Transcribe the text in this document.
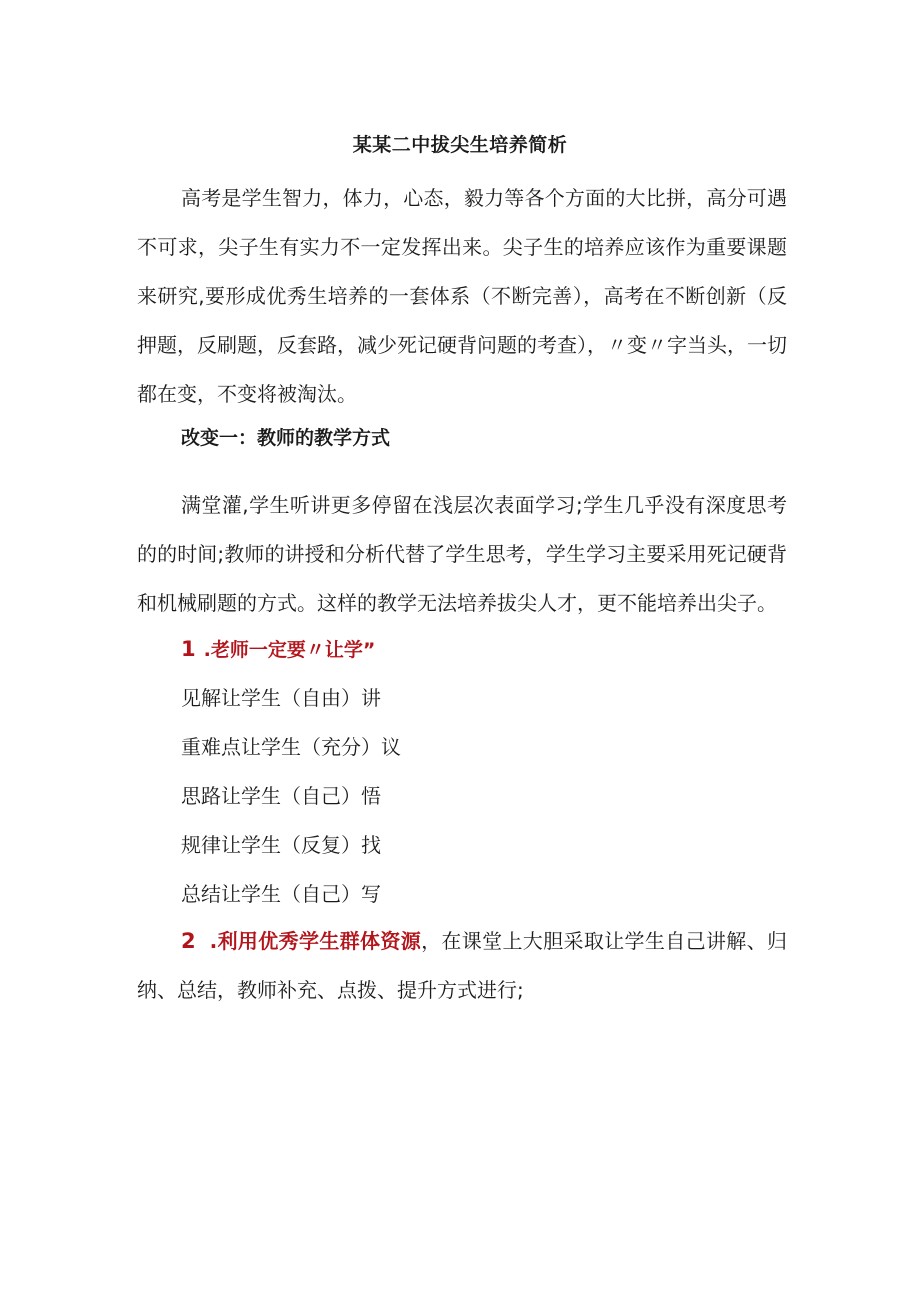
某某二中拔尖生培养简析

高考是学生智力，体力，心态，毅力等各个方面的大比拼，高分可遇不可求，尖子生有实力不一定发挥出来。尖子生的培养应该作为重要课题来研究,要形成优秀生培养的一套体系（不断完善），高考在不断创新（反押题，反刷题，反套路，减少死记硬背问题的考查），〃变〃字当头，一切都在变，不变将被淘汰。

改变一：教师的教学方式

满堂灌,学生听讲更多停留在浅层次表面学习;学生几乎没有深度思考的的时间;教师的讲授和分析代替了学生思考，学生学习主要采用死记硬背和机械刷题的方式。这样的教学无法培养拔尖人才，更不能培养出尖子。

1 .老师一定要〃让学”
见解让学生（自由）讲
重难点让学生（充分）议
思路让学生（自己）悟
规律让学生（反复）找
总结让学生（自己）写

2 .利用优秀学生群体资源，在课堂上大胆采取让学生自己讲解、归纳、总结，教师补充、点拨、提升方式进行;
